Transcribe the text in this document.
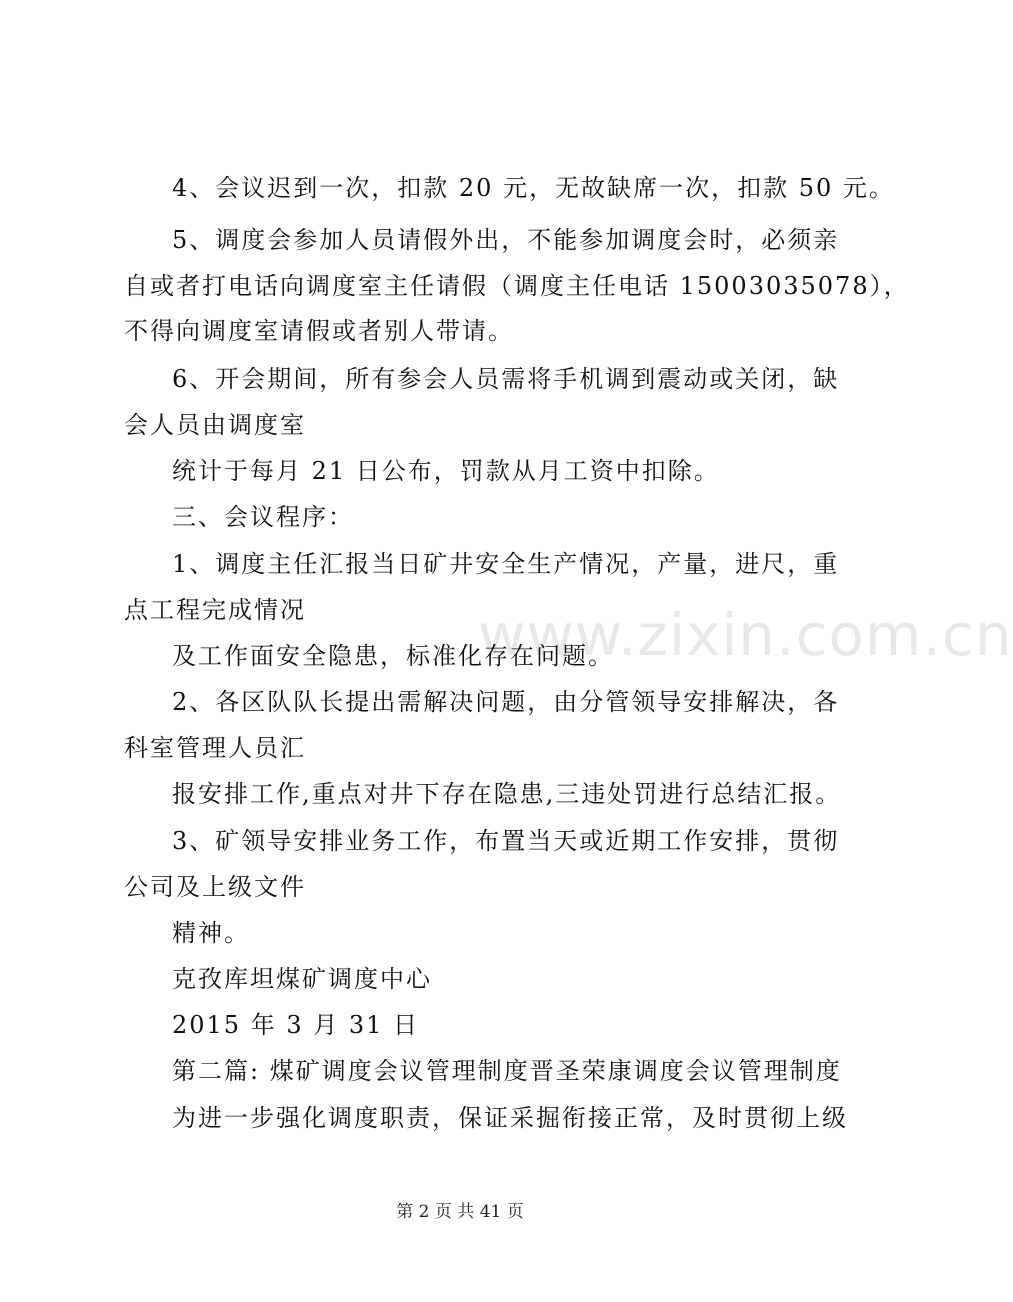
4、会议迟到一次，扣款 20 元，无故缺席一次，扣款 50 元。
5、调度会参加人员请假外出，不能参加调度会时，必须亲
自或者打电话向调度室主任请假（调度主任电话 15003035078），
不得向调度室请假或者别人带请。
6、开会期间，所有参会人员需将手机调到震动或关闭，缺
会人员由调度室
统计于每月 21 日公布，罚款从月工资中扣除。
三、会议程序：
1、调度主任汇报当日矿井安全生产情况，产量，进尺，重
点工程完成情况
及工作面安全隐患，标准化存在问题。
2、各区队队长提出需解决问题，由分管领导安排解决，各
科室管理人员汇
报安排工作,重点对井下存在隐患,三违处罚进行总结汇报。
3、矿领导安排业务工作，布置当天或近期工作安排，贯彻
公司及上级文件
精神。
克孜库坦煤矿调度中心
2015 年 3 月 31 日
第二篇: 煤矿调度会议管理制度晋圣荣康调度会议管理制度
为进一步强化调度职责，保证采掘衔接正常，及时贯彻上级
www.zixin.com.cn
第 2 页 共 41 页
